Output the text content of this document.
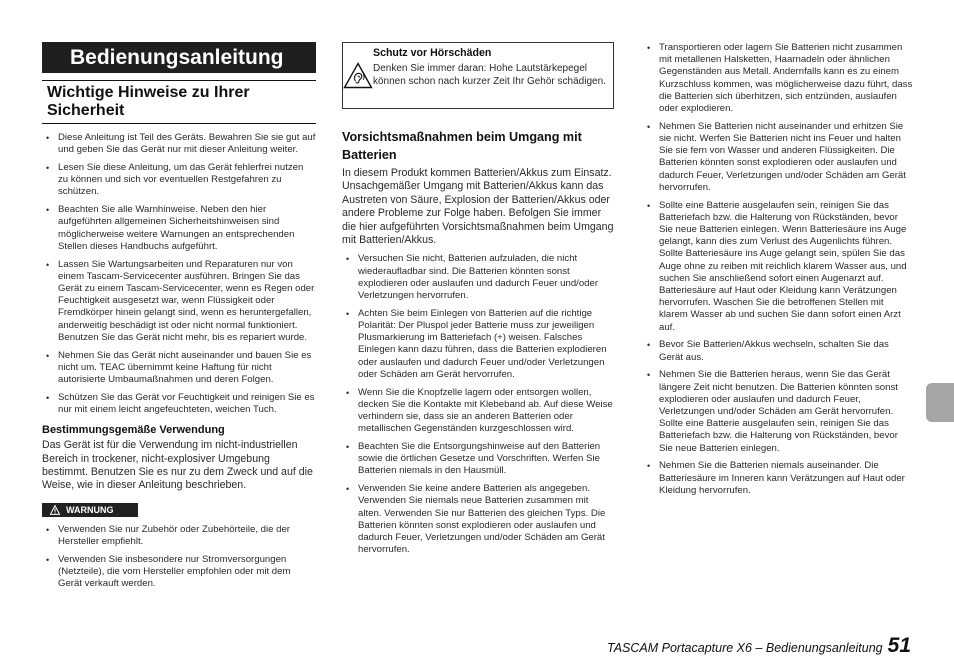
Bedienungsanleitung
Wichtige Hinweise zu Ihrer Sicherheit
• Diese Anleitung ist Teil des Geräts. Bewahren Sie sie gut auf und geben Sie das Gerät nur mit dieser Anleitung weiter.
• Lesen Sie diese Anleitung, um das Gerät fehlerfrei nutzen zu können und sich vor eventuellen Restgefahren zu schützen.
• Beachten Sie alle Warnhinweise. Neben den hier aufgeführten allgemeinen Sicherheitshinweisen sind möglicherweise weitere Warnungen an entsprechenden Stellen dieses Handbuchs aufgeführt.
• Lassen Sie Wartungsarbeiten und Reparaturen nur von einem Tascam-Servicecenter ausführen. Bringen Sie das Gerät zu einem Tascam-Servicecenter, wenn es Regen oder Feuchtigkeit ausgesetzt war, wenn Flüssigkeit oder Fremdkörper hinein gelangt sind, wenn es heruntergefallen, anderweitig beschädigt ist oder nicht normal funktioniert. Benutzen Sie das Gerät nicht mehr, bis es repariert wurde.
• Nehmen Sie das Gerät nicht auseinander und bauen Sie es nicht um. TEAC übernimmt keine Haftung für nicht autorisierte Umbaumaßnahmen und deren Folgen.
• Schützen Sie das Gerät vor Feuchtigkeit und reinigen Sie es nur mit einem leicht angefeuchteten, weichen Tuch.
Bestimmungsgemäße Verwendung
Das Gerät ist für die Verwendung im nicht-industriellen Bereich in trockener, nicht-explosiver Umgebung bestimmt. Benutzen Sie es nur zu dem Zweck und auf die Weise, wie in dieser Anleitung beschrieben.
WARNUNG
• Verwenden Sie nur Zubehör oder Zubehörteile, die der Hersteller empfiehlt.
• Verwenden Sie insbesondere nur Stromversorgungen (Netzteile), die vom Hersteller empfohlen oder mit dem Gerät verkauft werden.
Schutz vor Hörschäden
Denken Sie immer daran: Hohe Lautstärkepegel können schon nach kurzer Zeit Ihr Gehör schädigen.
Vorsichtsmaßnahmen beim Umgang mit Batterien
In diesem Produkt kommen Batterien/Akkus zum Einsatz. Unsachgemäßer Umgang mit Batterien/Akkus kann das Austreten von Säure, Explosion der Batterien/Akkus oder andere Probleme zur Folge haben. Befolgen Sie immer die hier aufgeführten Vorsichtsmaßnahmen beim Umgang mit Batterien/Akkus.
• Versuchen Sie nicht, Batterien aufzuladen, die nicht wiederaufladbar sind. Die Batterien könnten sonst explodieren oder auslaufen und dadurch Feuer und/oder Verletzungen hervorrufen.
• Achten Sie beim Einlegen von Batterien auf die richtige Polarität: Der Pluspol jeder Batterie muss zur jeweiligen Plusmarkierung im Batteriefach (+) weisen. Falsches Einlegen kann dazu führen, dass die Batterien explodieren oder auslaufen und dadurch Feuer und/oder Verletzungen oder Schäden am Gerät hervorrufen.
• Wenn Sie die Knopfzelle lagern oder entsorgen wollen, decken Sie die Kontakte mit Klebeband ab. Auf diese Weise verhindern sie, dass sie an anderen Batterien oder metallischen Gegenständen kurzgeschlossen wird.
• Beachten Sie die Entsorgungshinweise auf den Batterien sowie die örtlichen Gesetze und Vorschriften. Werfen Sie Batterien niemals in den Hausmüll.
• Verwenden Sie keine andere Batterien als angegeben. Verwenden Sie niemals neue Batterien zusammen mit alten. Verwenden Sie nur Batterien des gleichen Typs. Die Batterien könnten sonst explodieren oder auslaufen und dadurch Feuer, Verletzungen und/oder Schäden am Gerät hervorrufen.
• Transportieren oder lagern Sie Batterien nicht zusammen mit metallenen Halsketten, Haarnadeln oder ähnlichen Gegenständen aus Metall. Andernfalls kann es zu einem Kurzschluss kommen, was möglicherweise dazu führt, dass die Batterien sich überhitzen, sich entzünden, auslaufen oder explodieren.
• Nehmen Sie Batterien nicht auseinander und erhitzen Sie sie nicht. Werfen Sie Batterien nicht ins Feuer und halten Sie sie fern von Wasser und anderen Flüssigkeiten. Die Batterien könnten sonst explodieren oder auslaufen und dadurch Feuer, Verletzungen und/oder Schäden am Gerät hervorrufen.
• Sollte eine Batterie ausgelaufen sein, reinigen Sie das Batteriefach bzw. die Halterung von Rückständen, bevor Sie neue Batterien einlegen. Wenn Batteriesäure ins Auge gelangt, kann dies zum Verlust des Augenlichts führen. Sollte Batteriesäure ins Auge gelangt sein, spülen Sie das Auge ohne zu reiben mit reichlich klarem Wasser aus, und suchen Sie anschließend sofort einen Augenarzt auf. Batteriesäure auf Haut oder Kleidung kann Verätzungen hervorrufen. Waschen Sie die betroffenen Stellen mit klarem Wasser ab und suchen Sie dann sofort einen Arzt auf.
• Bevor Sie Batterien/Akkus wechseln, schalten Sie das Gerät aus.
• Nehmen Sie die Batterien heraus, wenn Sie das Gerät längere Zeit nicht benutzen. Die Batterien könnten sonst explodieren oder auslaufen und dadurch Feuer, Verletzungen und/oder Schäden am Gerät hervorrufen. Sollte eine Batterie ausgelaufen sein, reinigen Sie das Batteriefach bzw. die Halterung von Rückständen, bevor Sie neue Batterien einlegen.
• Nehmen Sie die Batterien niemals auseinander. Die Batteriesäure im Inneren kann Verätzungen auf Haut oder Kleidung hervorrufen.
TASCAM Portacapture X6 – Bedienungsanleitung 51
